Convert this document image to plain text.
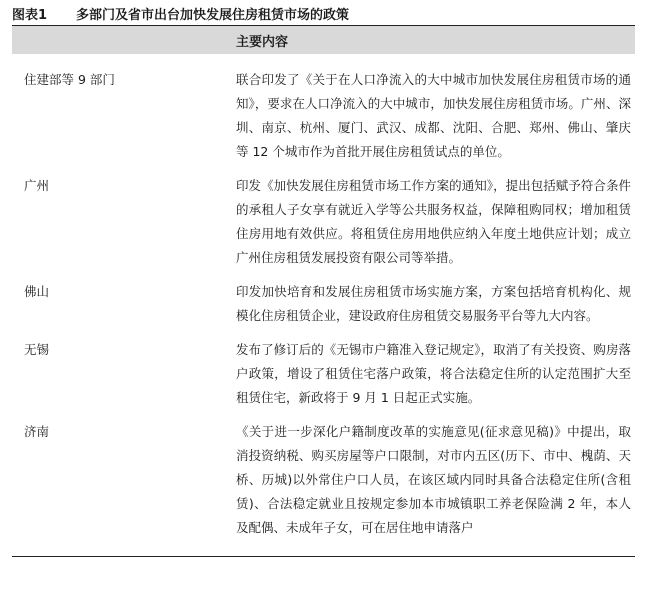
图表1	多部门及省市出台加快发展住房租赁市场的政策
主要内容
住建部等 9 部门	联合印发了《关于在人口净流入的大中城市加快发展住房租赁市场的通知》，要求在人口净流入的大中城市，加快发展住房租赁市场。广州、深圳、南京、杭州、厦门、武汉、成都、沈阳、合肥、郑州、佛山、肇庆等 12 个城市作为首批开展住房租赁试点的单位。
广州	印发《加快发展住房租赁市场工作方案的通知》，提出包括赋予符合条件的承租人子女享有就近入学等公共服务权益，保障租购同权；增加租赁住房用地有效供应。将租赁住房用地供应纳入年度土地供应计划；成立广州住房租赁发展投资有限公司等举措。
佛山	印发加快培育和发展住房租赁市场实施方案，方案包括培育机构化、规模化住房租赁企业，建设政府住房租赁交易服务平台等九大内容。
无锡	发布了修订后的《无锡市户籍准入登记规定》，取消了有关投资、购房落户政策，增设了租赁住宅落户政策，将合法稳定住所的认定范围扩大至租赁住宅，新政将于 9 月 1 日起正式实施。
济南	《关于进一步深化户籍制度改革的实施意见(征求意见稿)》中提出，取消投资纳税、购买房屋等户口限制，对市内五区(历下、市中、槐荫、天桥、历城)以外常住户口人员，在该区域内同时具备合法稳定住所(含租赁)、合法稳定就业且按规定参加本市城镇职工养老保险满 2 年，本人及配偶、未成年子女，可在居住地申请落户
